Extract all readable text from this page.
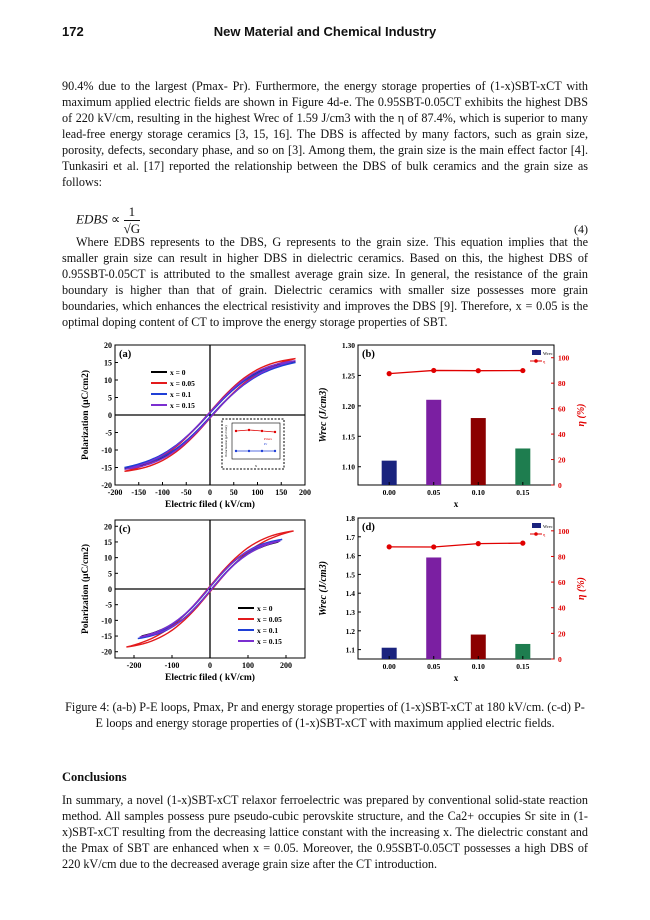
172	New Material and Chemical Industry
90.4% due to the largest (Pmax- Pr). Furthermore, the energy storage properties of (1-x)SBT-xCT with maximum applied electric fields are shown in Figure 4d-e. The 0.95SBT-0.05CT exhibits the highest DBS of 220 kV/cm, resulting in the highest Wrec of 1.59 J/cm3 with the η of 87.4%, which is superior to many lead-free energy storage ceramics [3, 15, 16]. The DBS is affected by many factors, such as grain size, porosity, defects, secondary phase, and so on [3]. Among them, the grain size is the main effect factor [4]. Tunkasiri et al. [17] reported the relationship between the DBS of bulk ceramics and the grain size as follows:
EDBS ∝ $\frac{1}{√G}$	(4)
Where EDBS represents to the DBS, G represents to the grain size. This equation implies that the smaller grain size can result in higher DBS in dielectric ceramics. Based on this, the highest DBS of 0.95SBT-0.05CT is attributed to the smallest average grain size. In general, the resistance of the grain boundary is higher than that of grain. Dielectric ceramics with smaller size possesses more grain boundaries, which enhances the electrical resistivity and improves the DBS [9]. Therefore, x = 0.05 is the optimal doping content of CT to improve the energy storage properties of SBT.
-200 -150 -100 -50 0 50 100 150 200
20
15
10
5
0
-5
-10
-15
-20
Electric filed ( kV/cm)
Polarization (μC/cm2)
(a)
x = 0
x = 0.05
x = 0.1
x = 0.15
Pmax
Pr
Polarization (μC/cm2)
x
0.00	0.05	0.10	0.15
1.30
1.25
1.20
1.15
1.10
100
80
60
40
20
0
(b)
x
Wrec (J/cm3)	η (%)
Wrec
η
-200	-100	0	100	200
20
15
10
5
0
-5
-10
-15
-20
Electric filed ( kV/cm)
Polarization (μC/cm2)
(c)
x = 0
x = 0.05
x = 0.1
x = 0.15
0.00	0.05	0.10	0.15
1.8
1.7
1.6
1.5
1.4
1.3
1.2
1.1
100
80
60
40
20
0
(d)
x
Wrec (J/cm3)	η (%)
Wrec
η
Figure 4: (a-b) P-E loops, Pmax, Pr and energy storage properties of (1-x)SBT-xCT at 180 kV/cm. (c-d) P-E loops and energy storage properties of (1-x)SBT-xCT with maximum applied electric fields.
Conclusions
In summary, a novel (1-x)SBT-xCT relaxor ferroelectric was prepared by conventional solid-state reaction method. All samples possess pure pseudo-cubic perovskite structure, and the Ca2+ occupies Sr site in (1-x)SBT-xCT resulting from the decreasing lattice constant with the increasing x. The dielectric constant and the Pmax of SBT are enhanced when x = 0.05. Moreover, the 0.95SBT-0.05CT possesses a high DBS of 220 kV/cm due to the decreased average grain size after the CT introduction.
